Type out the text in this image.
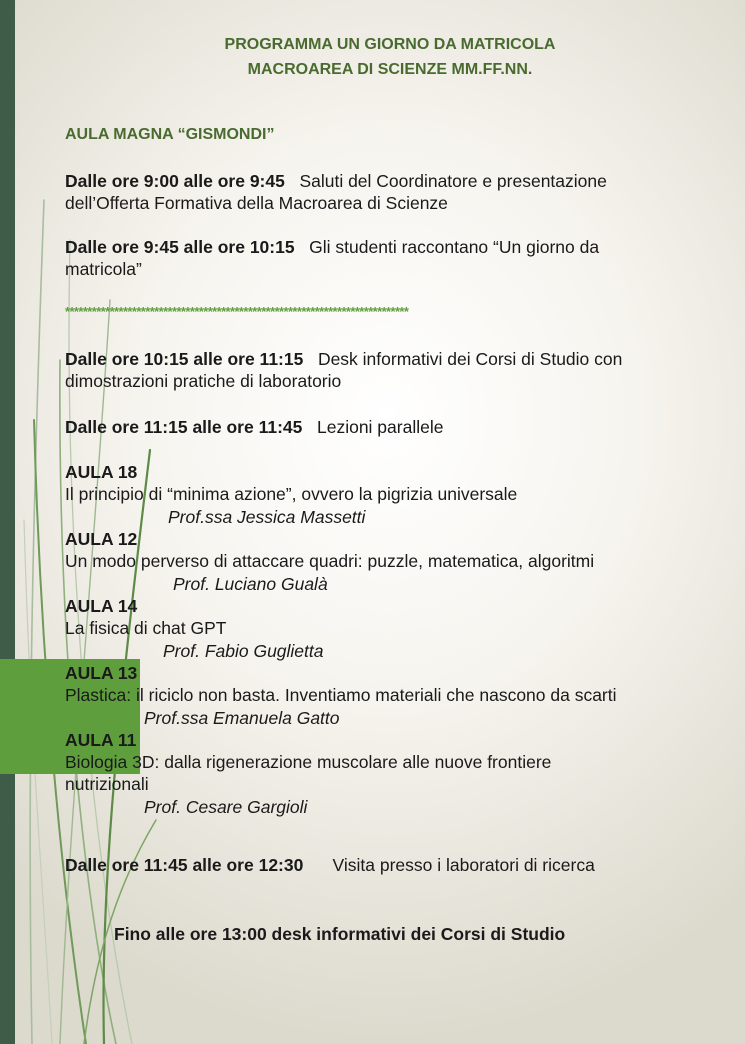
PROGRAMMA UN GIORNO DA MATRICOLA
MACROAREA DI SCIENZE MM.FF.NN.
AULA MAGNA “GISMONDI”
Dalle ore 9:00 alle ore 9:45 Saluti del Coordinatore e presentazione
dell’Offerta Formativa della Macroarea di Scienze
Dalle ore 9:45 alle ore 10:15 Gli studenti raccontano “Un giorno da
matricola”
*****************************************************************************
Dalle ore 10:15 alle ore 11:15 Desk informativi dei Corsi di Studio con
dimostrazioni pratiche di laboratorio
Dalle ore 11:15 alle ore 11:45 Lezioni parallele
AULA 18
Il principio di “minima azione”, ovvero la pigrizia universale
Prof.ssa Jessica Massetti
AULA 12
Un modo perverso di attaccare quadri: puzzle, matematica, algoritmi
Prof. Luciano Gualà
AULA 14
La fisica di chat GPT
Prof. Fabio Guglietta
AULA 13
Plastica: il riciclo non basta. Inventiamo materiali che nascono da scarti
Prof.ssa Emanuela Gatto
AULA 11
Biologia 3D: dalla rigenerazione muscolare alle nuove frontiere
nutrizionali
Prof. Cesare Gargioli
Dalle ore 11:45 alle ore 12:30 Visita presso i laboratori di ricerca
Fino alle ore 13:00 desk informativi dei Corsi di Studio
